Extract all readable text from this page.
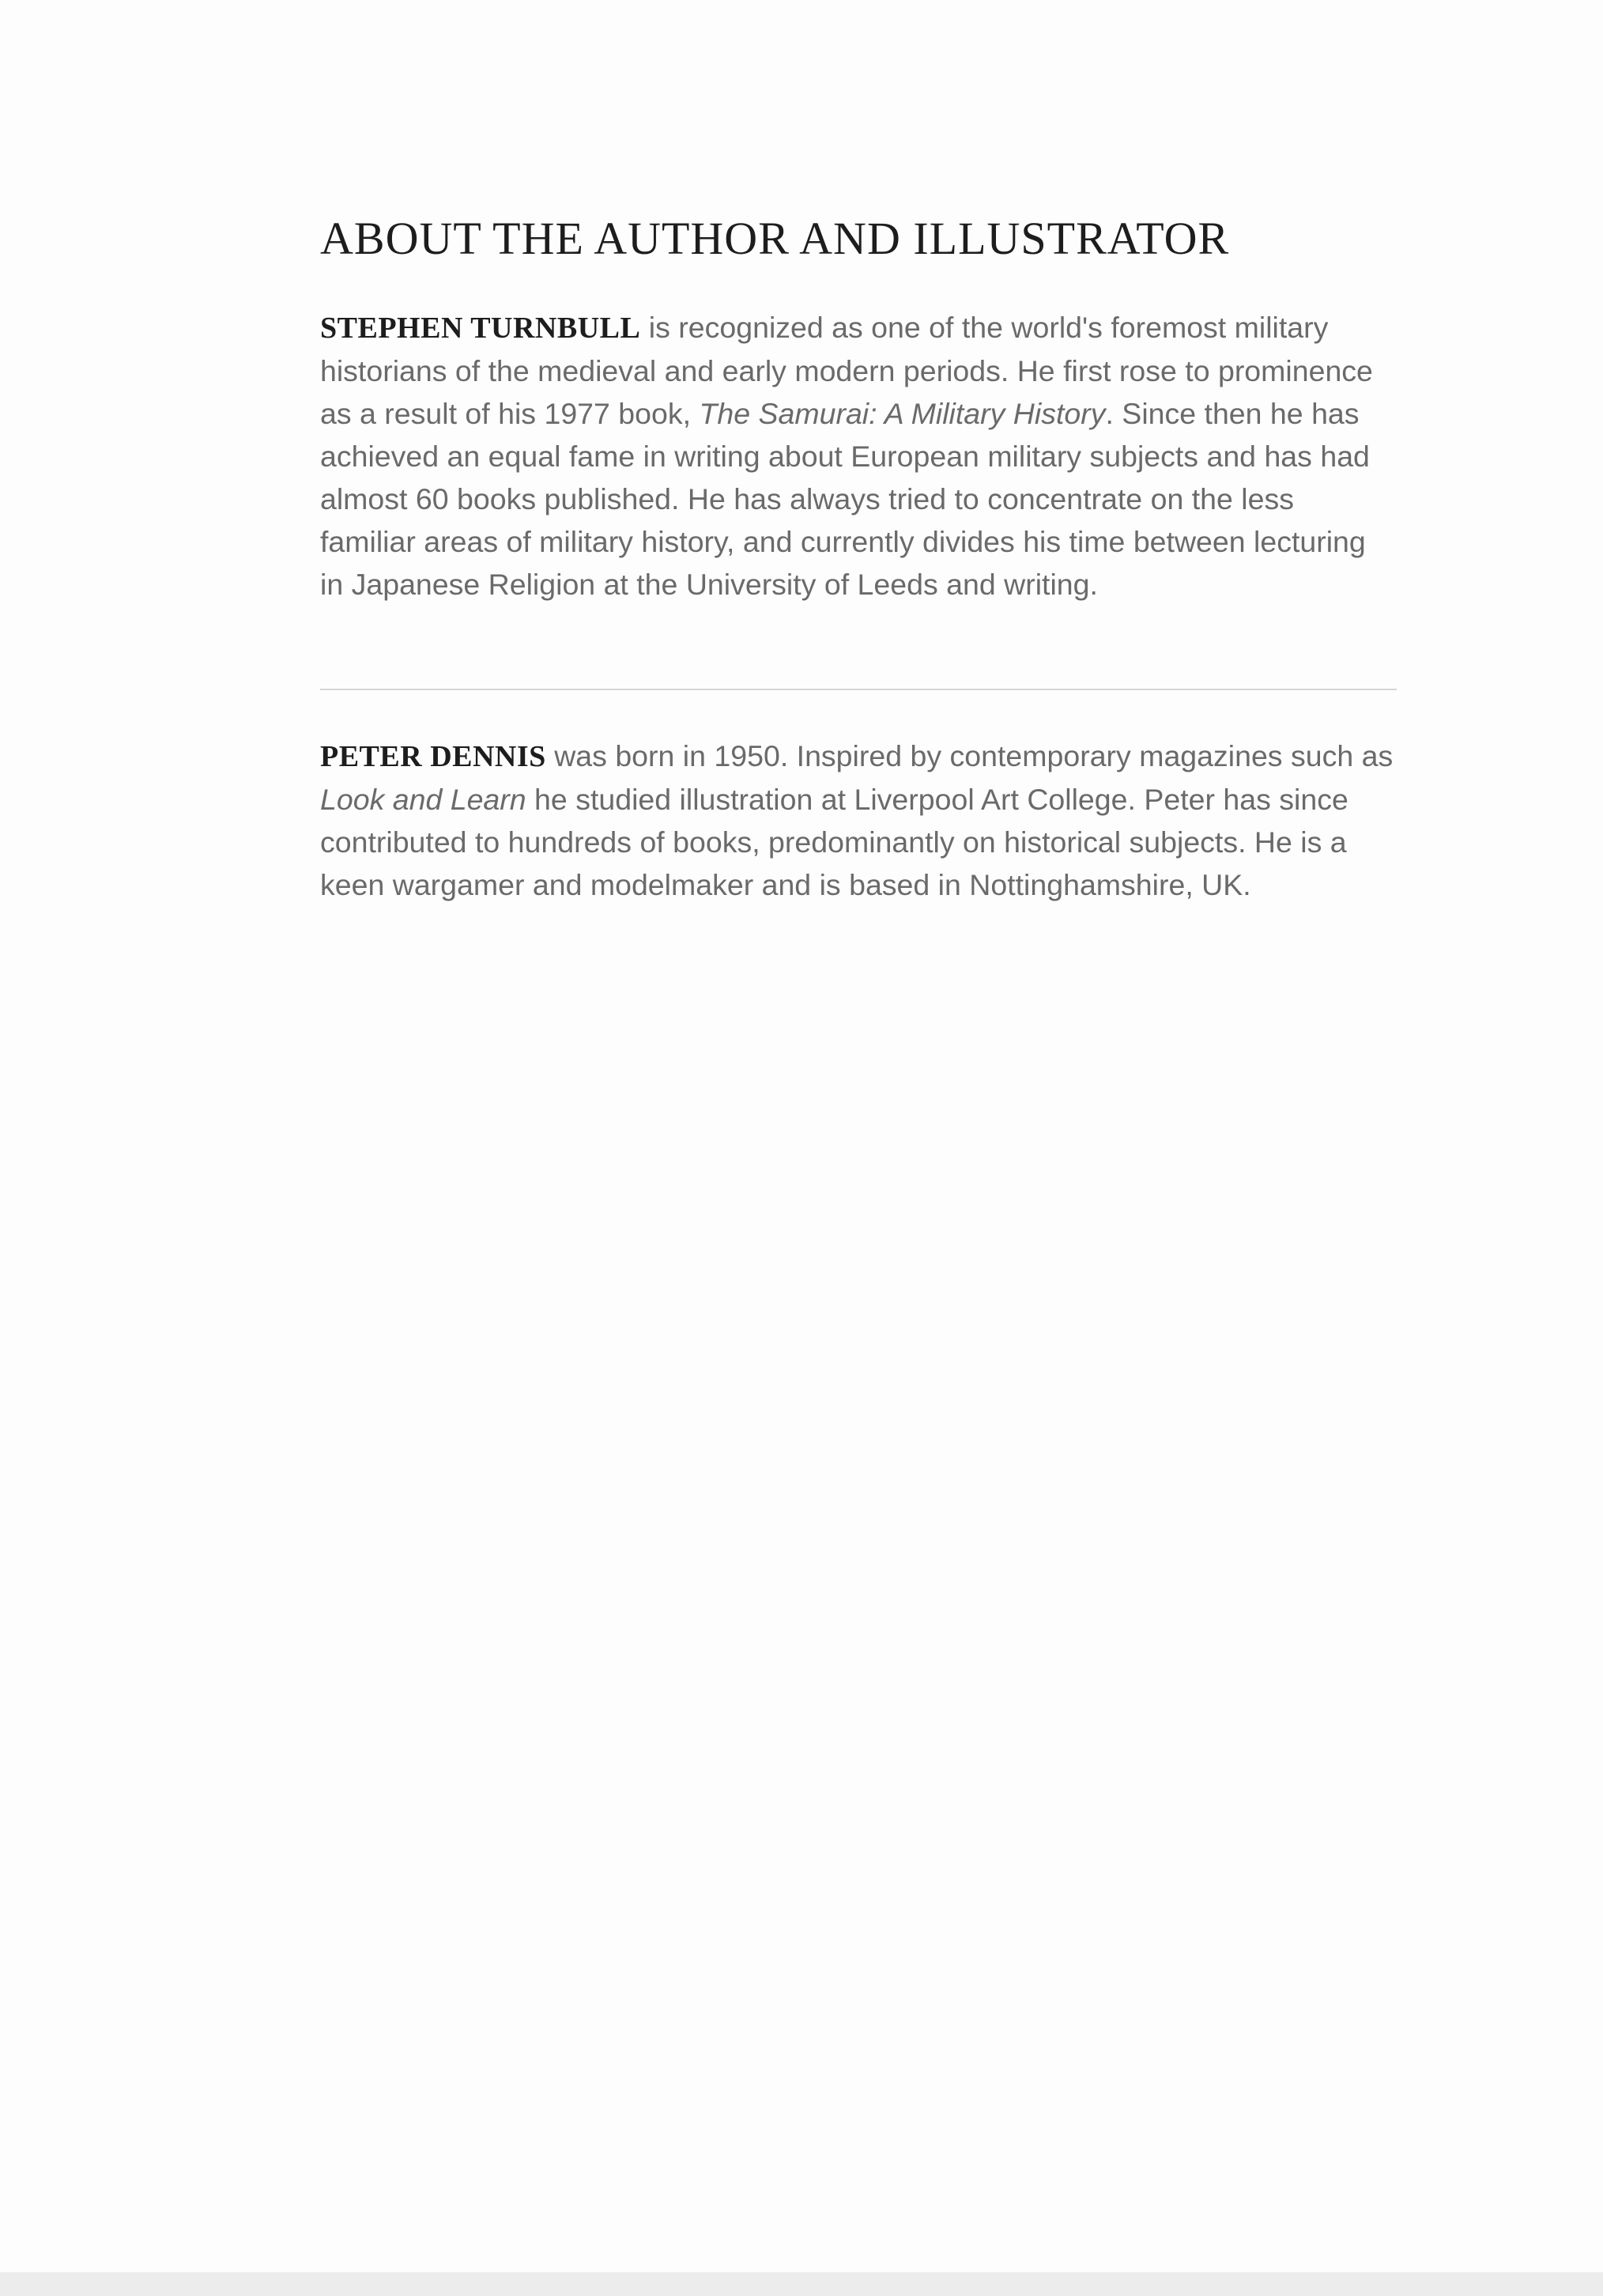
ABOUT THE AUTHOR AND ILLUSTRATOR

STEPHEN TURNBULL is recognized as one of the world's foremost military historians of the medieval and early modern periods. He first rose to prominence as a result of his 1977 book, The Samurai: A Military History. Since then he has achieved an equal fame in writing about European military subjects and has had almost 60 books published. He has always tried to concentrate on the less familiar areas of military history, and currently divides his time between lecturing in Japanese Religion at the University of Leeds and writing.

PETER DENNIS was born in 1950. Inspired by contemporary magazines such as Look and Learn he studied illustration at Liverpool Art College. Peter has since contributed to hundreds of books, predominantly on historical subjects. He is a keen wargamer and modelmaker and is based in Nottinghamshire, UK.
